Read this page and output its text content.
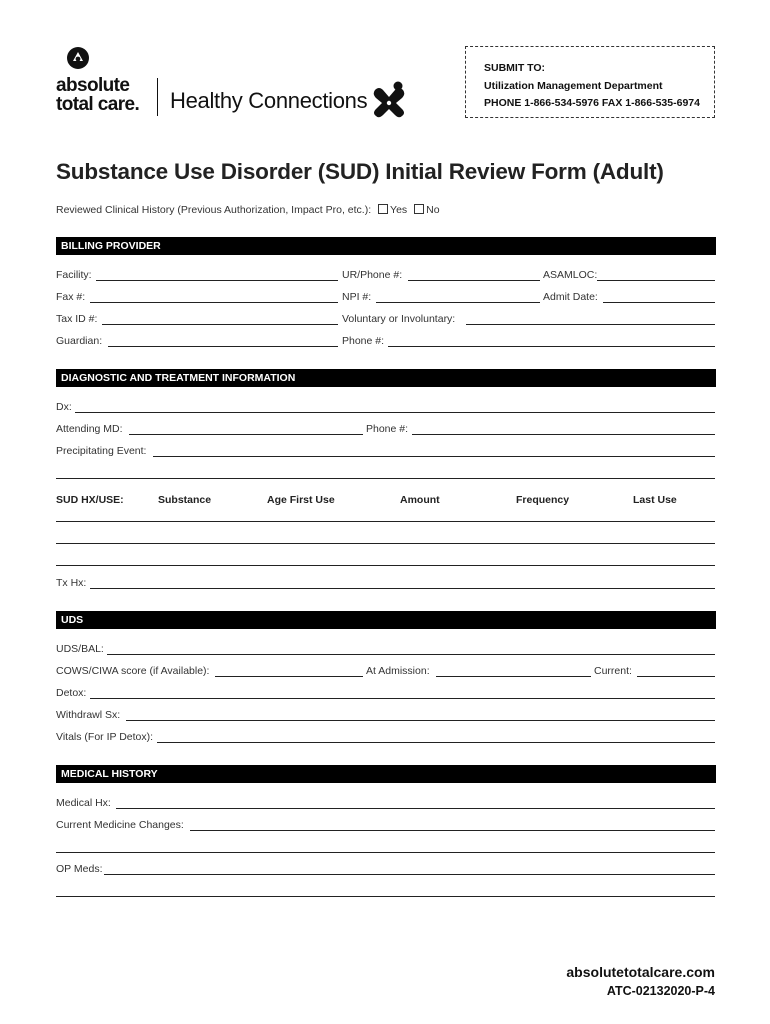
absolute
total care. Healthy Connections
SUBMIT TO:
Utilization Management Department
PHONE 1-866-534-5976 FAX 1-866-535-6974
Substance Use Disorder (SUD) Initial Review Form (Adult)
Reviewed Clinical History (Previous Authorization, Impact Pro, etc.): Yes No
BILLING PROVIDER
Facility:	UR/Phone #:	ASAMLOC:
Fax #:	NPI #:	Admit Date:
Tax ID #:	Voluntary or Involuntary:
Guardian:	Phone #:
DIAGNOSTIC AND TREATMENT INFORMATION
Dx:
Attending MD:	Phone #:
Precipitating Event:
SUD HX/USE:	Substance	Age First Use	Amount	Frequency	Last Use
Tx Hx:
UDS
UDS/BAL:
COWS/CIWA score (if Available):	At Admission:	Current:
Detox:
Withdrawl Sx:
Vitals (For IP Detox):
MEDICAL HISTORY
Medical Hx:
Current Medicine Changes:
OP Meds:
absolutetotalcare.com
ATC-02132020-P-4
